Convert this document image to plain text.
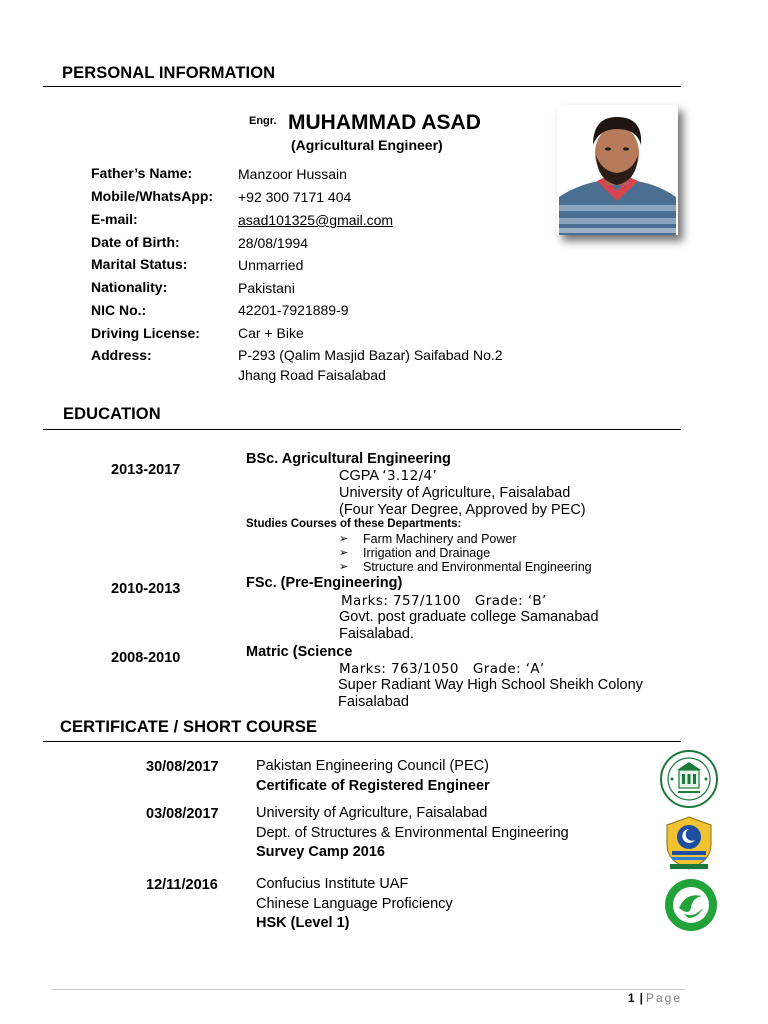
PERSONAL INFORMATION
Engr. MUHAMMAD ASAD
(Agricultural Engineer)
Father’s Name:	Manzoor Hussain
Mobile/WhatsApp: +92 300 7171 404
E-mail:	asad101325@gmail.com
Date of Birth:	28/08/1994
Marital Status:	Unmarried
Nationality:	Pakistani
NIC No.:	42201-7921889-9
Driving License:	Car + Bike
Address:	P-293 (Qalim Masjid Bazar) Saifabad No.2
Jhang Road Faisalabad
EDUCATION
2013-2017
BSc. Agricultural Engineering
CGPA ‘3.12/4’
University of Agriculture, Faisalabad
(Four Year Degree, Approved by PEC)
Studies Courses of these Departments:
➢ Farm Machinery and Power
➢ Irrigation and Drainage
➢ Structure and Environmental Engineering
2010-2013	FSc. (Pre-Engineering)
Marks: 757/1100   Grade: ‘B’
Govt. post graduate college Samanabad
Faisalabad.
2008-2010	Matric (Science
Marks: 763/1050   Grade: ‘A’
Super Radiant Way High School Sheikh Colony
Faisalabad
CERTIFICATE / SHORT COURSE
30/08/2017	Pakistan Engineering Council (PEC)
Certificate of Registered Engineer
03/08/2017	University of Agriculture, Faisalabad
Dept. of Structures & Environmental Engineering
Survey Camp 2016
12/11/2016	Confucius Institute UAF
Chinese Language Proficiency
HSK (Level 1)
1 | Page
